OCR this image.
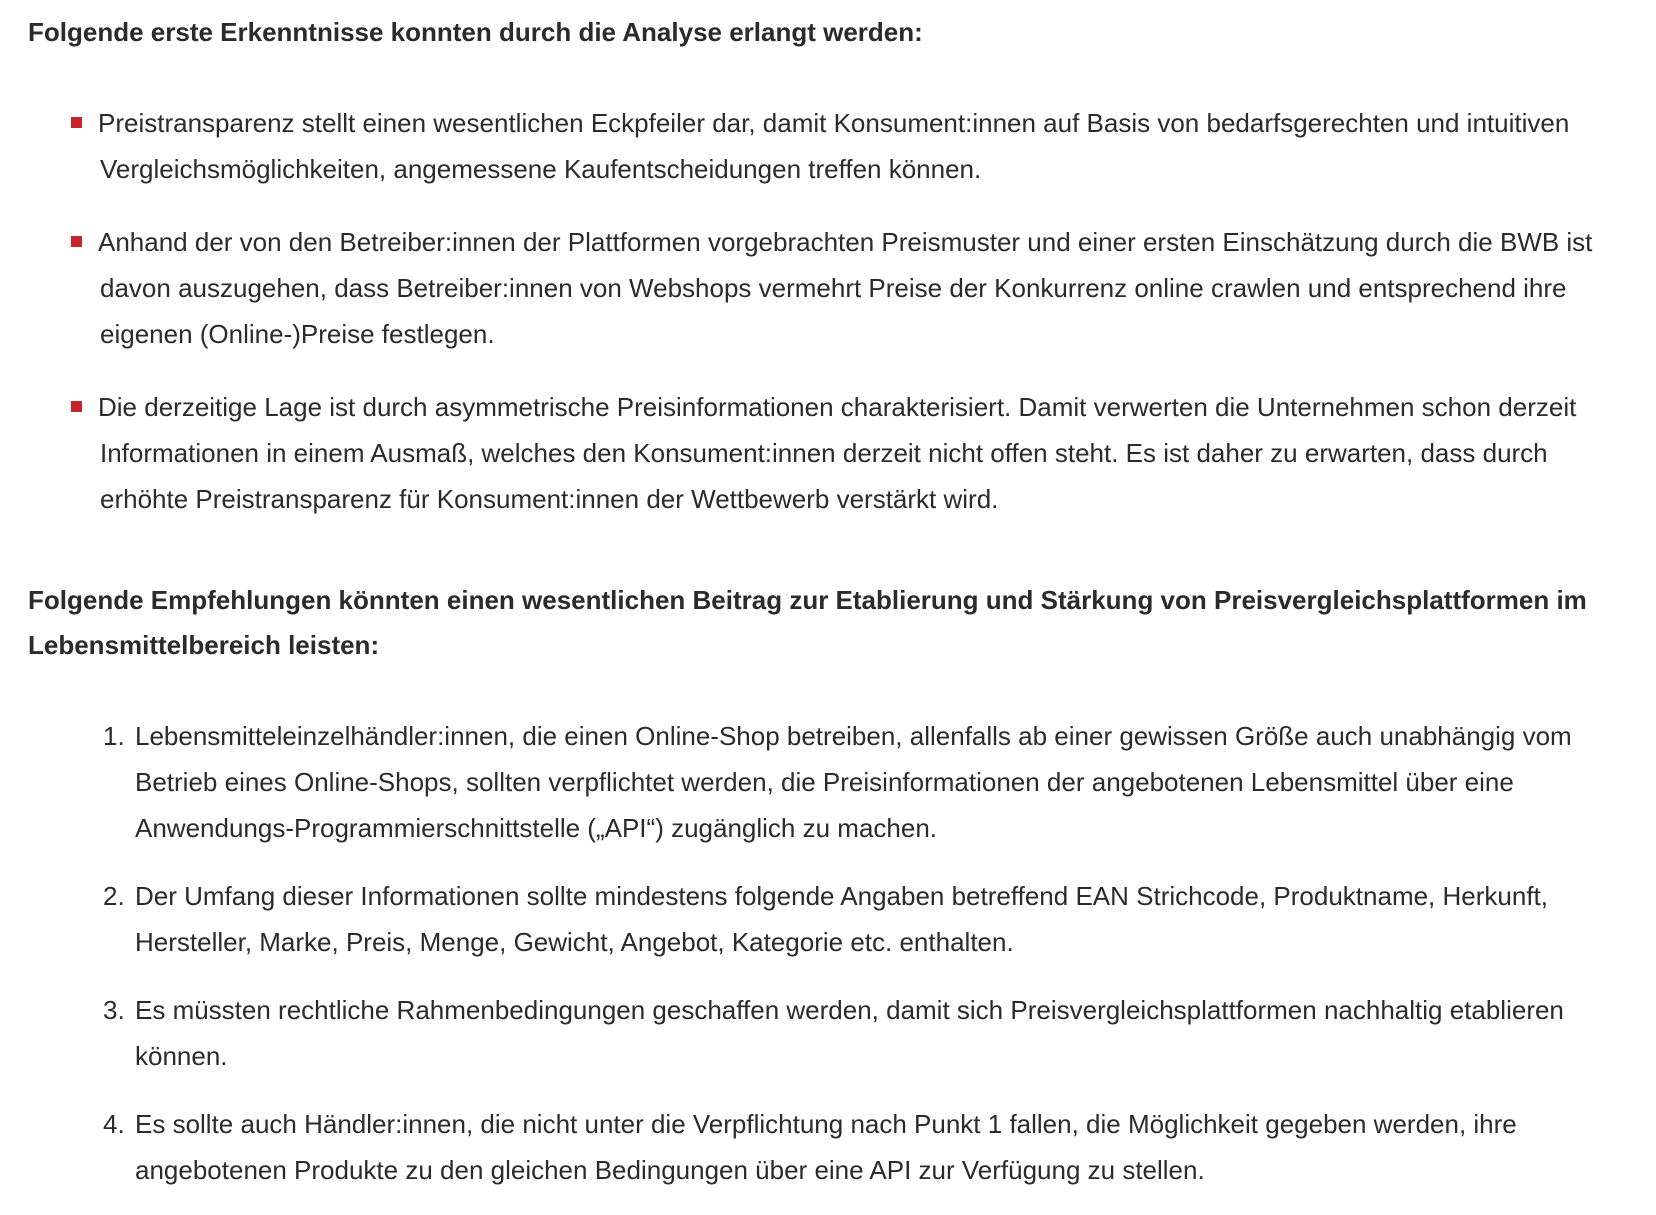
Folgende erste Erkenntnisse konnten durch die Analyse erlangt werden:
Preistransparenz stellt einen wesentlichen Eckpfeiler dar, damit Konsument:innen auf Basis von bedarfsgerechten und intuitiven Vergleichsmöglichkeiten, angemessene Kaufentscheidungen treffen können.
Anhand der von den Betreiber:innen der Plattformen vorgebrachten Preismuster und einer ersten Einschätzung durch die BWB ist davon auszugehen, dass Betreiber:innen von Webshops vermehrt Preise der Konkurrenz online crawlen und entsprechend ihre eigenen (Online-)Preise festlegen.
Die derzeitige Lage ist durch asymmetrische Preisinformationen charakterisiert. Damit verwerten die Unternehmen schon derzeit Informationen in einem Ausmaß, welches den Konsument:innen derzeit nicht offen steht. Es ist daher zu erwarten, dass durch erhöhte Preistransparenz für Konsument:innen der Wettbewerb verstärkt wird.
Folgende Empfehlungen könnten einen wesentlichen Beitrag zur Etablierung und Stärkung von Preisvergleichsplattformen im Lebensmittelbereich leisten:
1. Lebensmitteleinzelhändler:innen, die einen Online-Shop betreiben, allenfalls ab einer gewissen Größe auch unabhängig vom Betrieb eines Online-Shops, sollten verpflichtet werden, die Preisinformationen der angebotenen Lebensmittel über eine Anwendungs-Programmierschnittstelle („API“) zugänglich zu machen.
2. Der Umfang dieser Informationen sollte mindestens folgende Angaben betreffend EAN Strichcode, Produktname, Herkunft, Hersteller, Marke, Preis, Menge, Gewicht, Angebot, Kategorie etc. enthalten.
3. Es müssten rechtliche Rahmenbedingungen geschaffen werden, damit sich Preisvergleichsplattformen nachhaltig etablieren können.
4. Es sollte auch Händler:innen, die nicht unter die Verpflichtung nach Punkt 1 fallen, die Möglichkeit gegeben werden, ihre angebotenen Produkte zu den gleichen Bedingungen über eine API zur Verfügung zu stellen.
